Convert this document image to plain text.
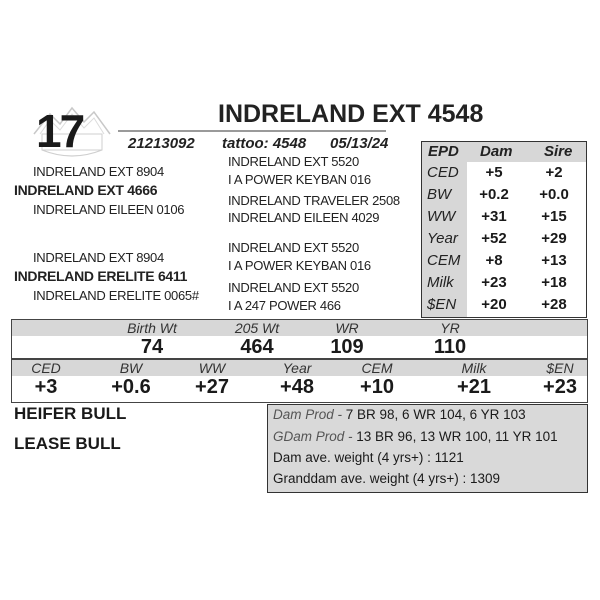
17	INDRELAND EXT 4548
21213092 tattoo: 4548 05/13/24
INDRELAND EXT 8904
INDRELAND EXT 4666
INDRELAND EILEEN 0106
INDRELAND EXT 5520
I A POWER KEYBAN 016
INDRELAND TRAVELER 2508
INDRELAND EILEEN 4029
INDRELAND EXT 8904
INDRELAND ERELITE 6411
INDRELAND ERELITE 0065#
INDRELAND EXT 5520
I A POWER KEYBAN 016
INDRELAND EXT 5520
I A 247 POWER 466
EPD Dam Sire
CED	+5	+2
BW	+0.2	+0.0
WW	+31	+15
Year	+52	+29
CEM	+8	+13
Milk	+23	+18
$EN	+20	+28
Birth Wt	205 Wt	WR	YR
74	464	109	110
CED	BW	WW	Year	CEM	Milk	$EN
+3	+0.6	+27	+48	+10	+21	+23
HEIFER BULL
LEASE BULL
Dam Prod - 7 BR 98, 6 WR 104, 6 YR 103
GDam Prod - 13 BR 96, 13 WR 100, 11 YR 101
Dam ave. weight (4 yrs+) : 1121
Granddam ave. weight (4 yrs+) : 1309
